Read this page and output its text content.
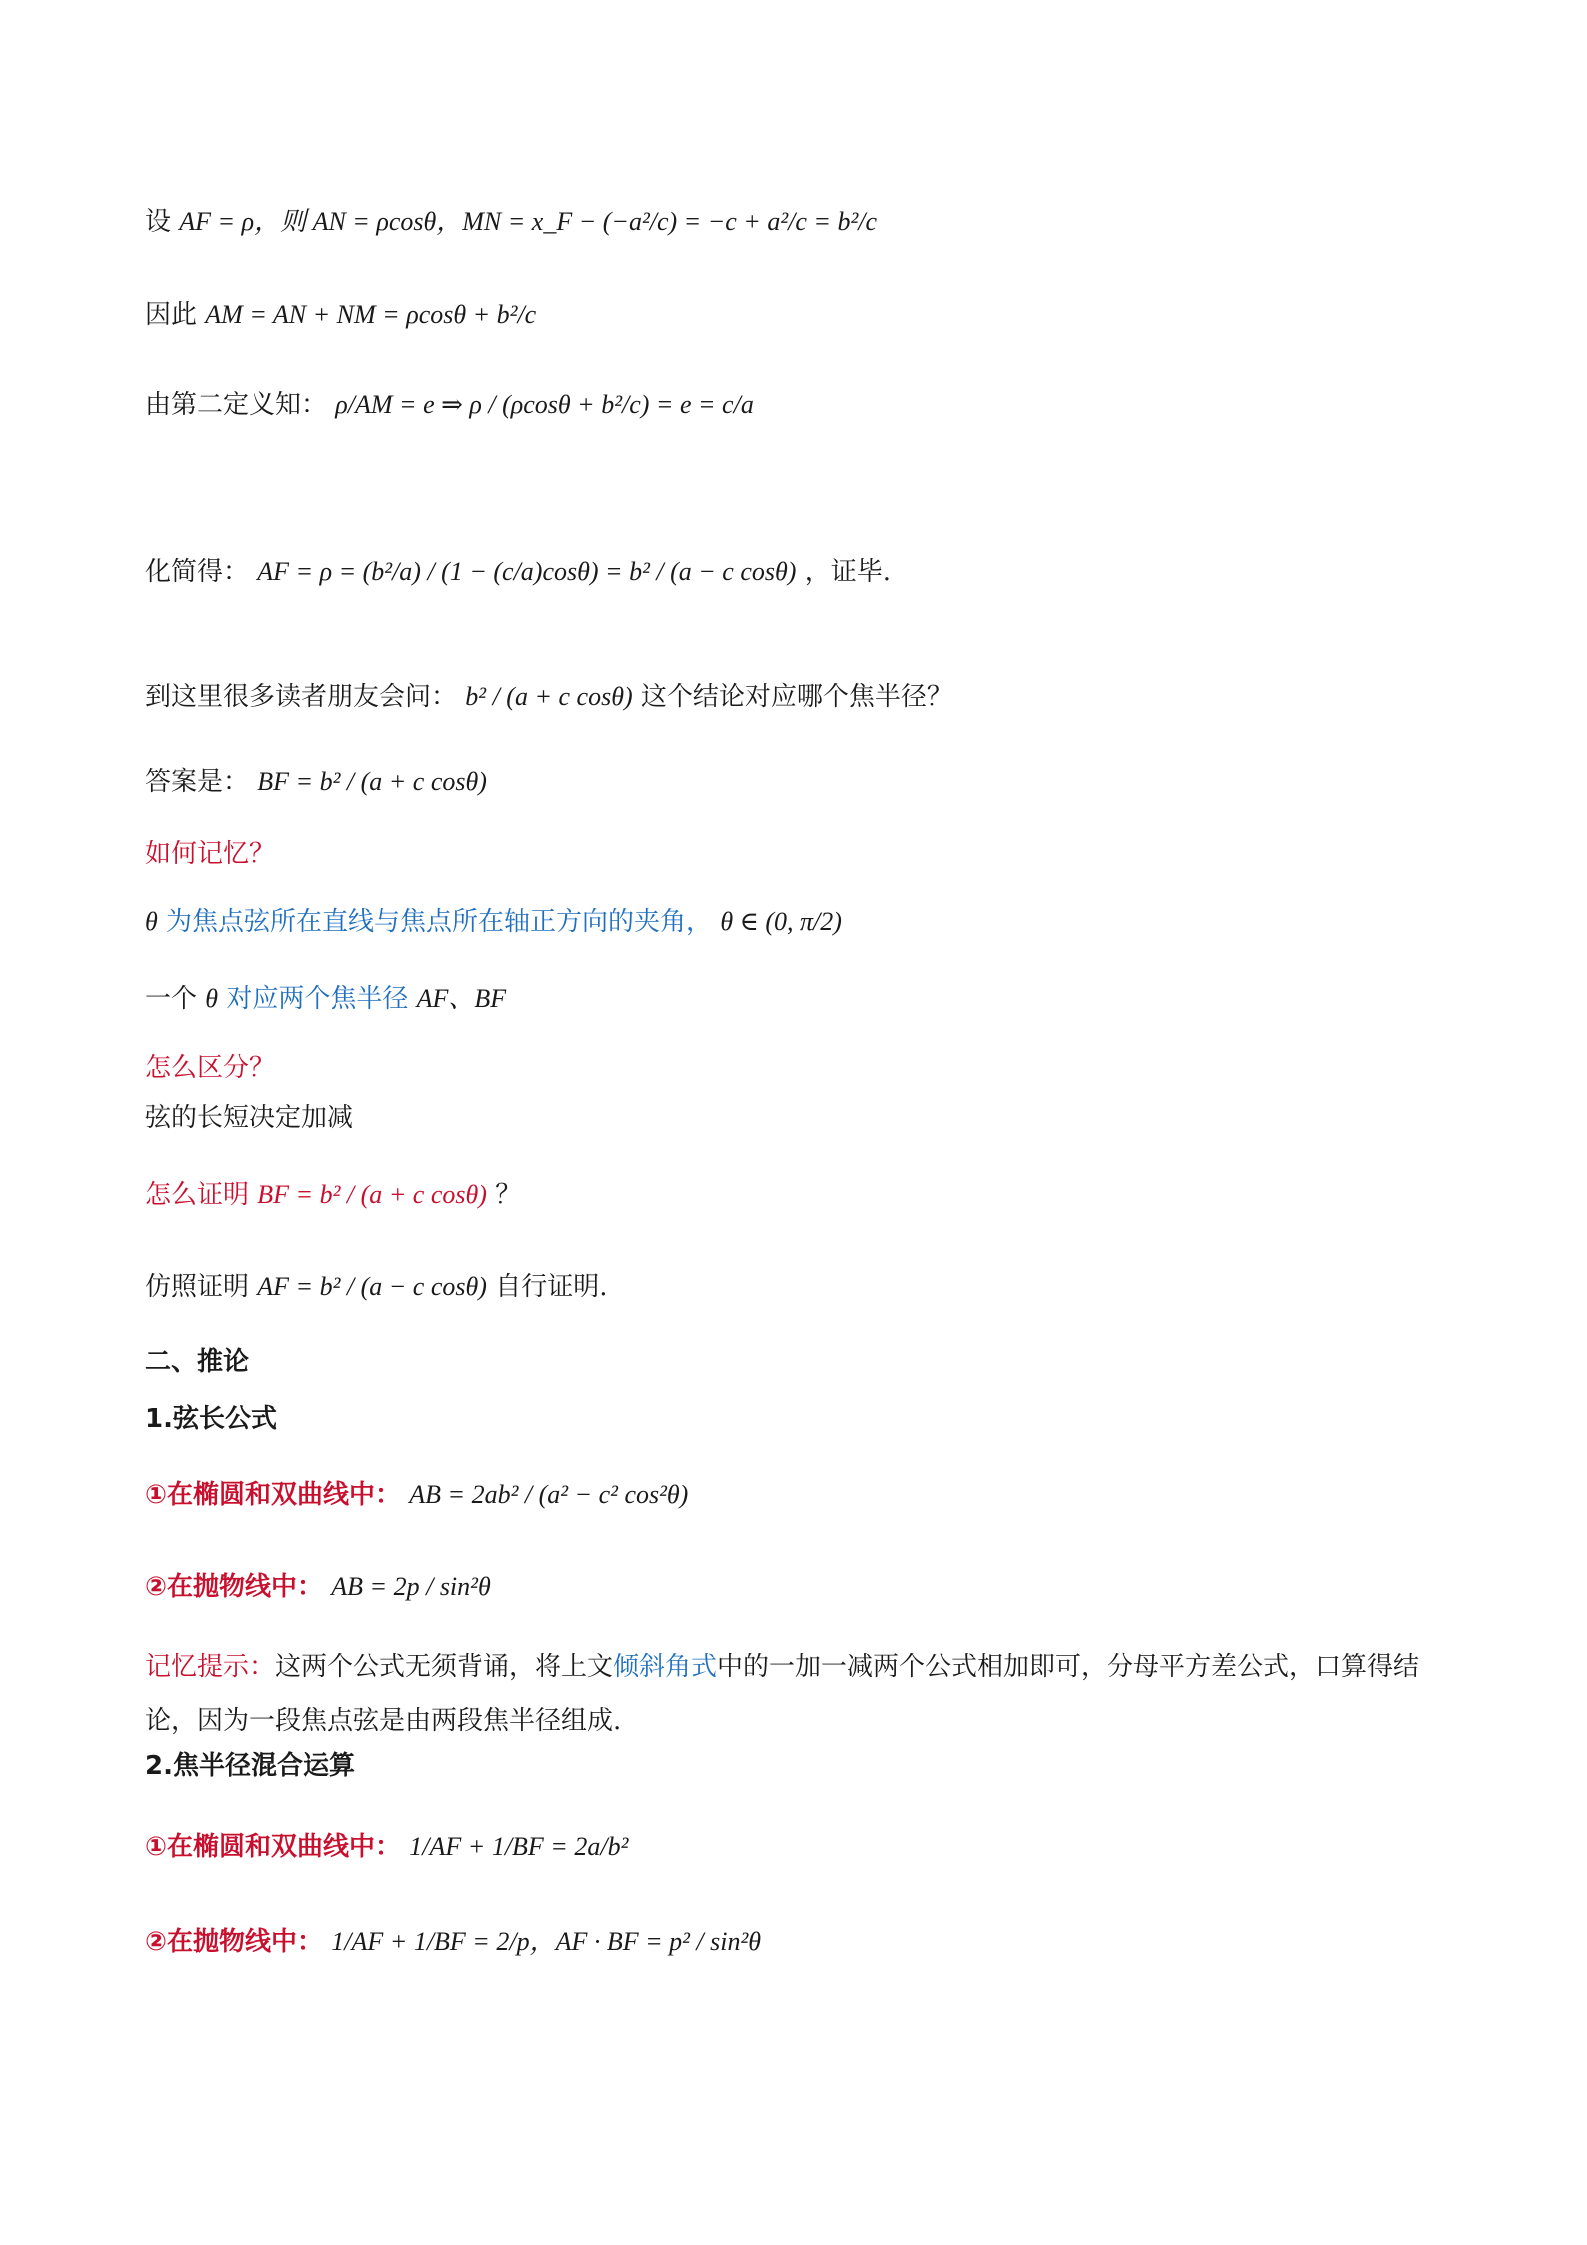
设 AF = ρ，则 AN = ρcosθ，MN = x_F − (−a²/c) = −c + a²/c = b²/c
因此 AM = AN + NM = ρcosθ + b²/c
由第二定义知： ρ/AM = e ⇒ ρ / (ρcosθ + b²/c) = e = c/a
化简得： AF = ρ = (b²/a) / (1 − (c/a)cosθ) = b² / (a − c cosθ) ，证毕.
到这里很多读者朋友会问： b² / (a + c cosθ) 这个结论对应哪个焦半径？
答案是： BF = b² / (a + c cosθ)
如何记忆？
θ 为焦点弦所在直线与焦点所在轴正方向的夹角， θ ∈ (0, π/2)
一个 θ 对应两个焦半径 AF、BF
怎么区分？
弦的长短决定加减
怎么证明 BF = b² / (a + c cosθ) ？
仿照证明 AF = b² / (a − c cosθ) 自行证明.
二、推论
1.弦长公式
①在椭圆和双曲线中： AB = 2ab² / (a² − c² cos²θ)
②在抛物线中： AB = 2p / sin²θ
记忆提示：这两个公式无须背诵，将上文倾斜角式中的一加一减两个公式相加即可，分母平方差公式，口算得结论，因为一段焦点弦是由两段焦半径组成.
2.焦半径混合运算
①在椭圆和双曲线中： 1/AF + 1/BF = 2a/b²
②在抛物线中： 1/AF + 1/BF = 2/p，AF · BF = p² / sin²θ
